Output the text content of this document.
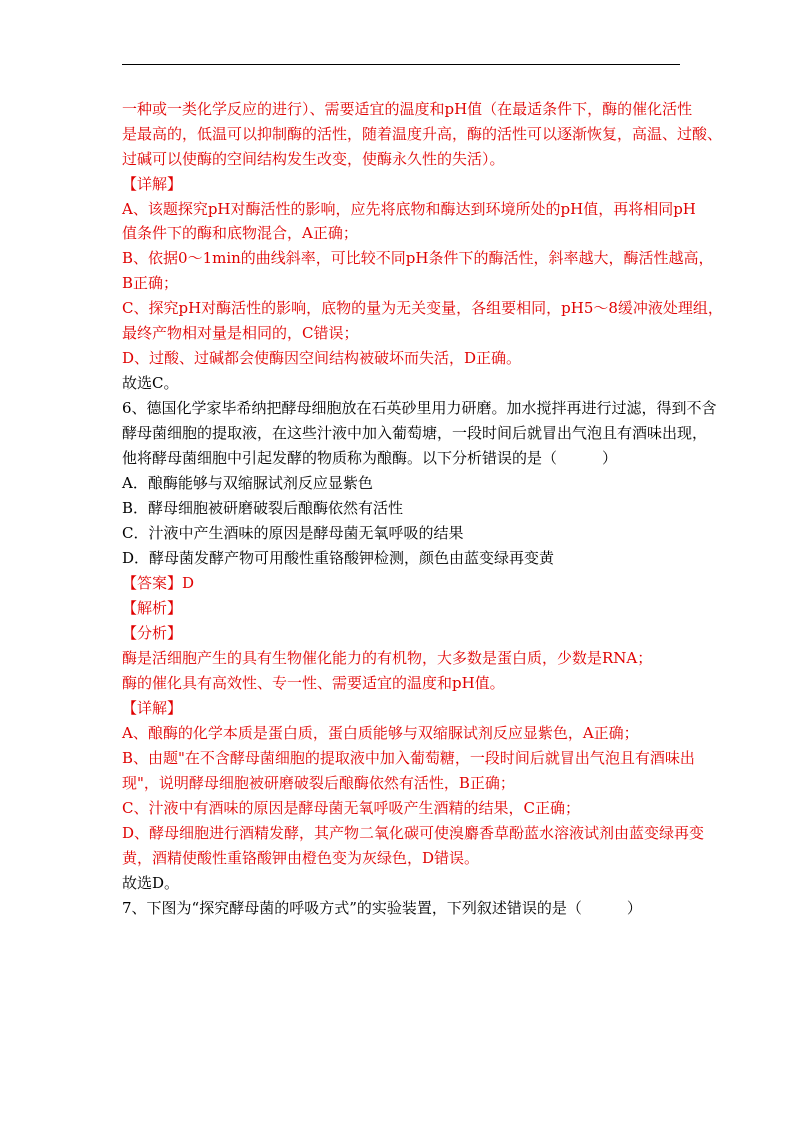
一种或一类化学反应的进行）、需要适宜的温度和pH值（在最适条件下，酶的催化活性
是最高的，低温可以抑制酶的活性，随着温度升高，酶的活性可以逐渐恢复，高温、过酸、
过碱可以使酶的空间结构发生改变，使酶永久性的失活）。
【详解】
A、该题探究pH对酶活性的影响，应先将底物和酶达到环境所处的pH值，再将相同pH
值条件下的酶和底物混合，A正确；
B、依据0～1min的曲线斜率，可比较不同pH条件下的酶活性，斜率越大，酶活性越高，
B正确；
C、探究pH对酶活性的影响，底物的量为无关变量，各组要相同，pH5～8缓冲液处理组，
最终产物相对量是相同的，C错误；
D、过酸、过碱都会使酶因空间结构被破坏而失活，D正确。
故选C。
6、德国化学家毕希纳把酵母细胞放在石英砂里用力研磨。加水搅拌再进行过滤，得到不含
酵母菌细胞的提取液，在这些汁液中加入葡萄塘，一段时间后就冒出气泡且有酒味出现，
他将酵母菌细胞中引起发酵的物质称为酿酶。以下分析错误的是（　　　）
A．酿酶能够与双缩脲试剂反应显紫色
B．酵母细胞被研磨破裂后酿酶依然有活性
C．汁液中产生酒味的原因是酵母菌无氧呼吸的结果
D．酵母菌发酵产物可用酸性重铬酸钾检测，颜色由蓝变绿再变黄
【答案】D
【解析】
【分析】
酶是活细胞产生的具有生物催化能力的有机物，大多数是蛋白质，少数是RNA；
酶的催化具有高效性、专一性、需要适宜的温度和pH值。
【详解】
A、酿酶的化学本质是蛋白质，蛋白质能够与双缩脲试剂反应显紫色，A正确；
B、由题"在不含酵母菌细胞的提取液中加入葡萄糖，一段时间后就冒出气泡且有酒味出
现"，说明酵母细胞被研磨破裂后酿酶依然有活性，B正确；
C、汁液中有酒味的原因是酵母菌无氧呼吸产生酒精的结果，C正确；
D、酵母细胞进行酒精发酵，其产物二氧化碳可使溴麝香草酚蓝水溶液试剂由蓝变绿再变
黄，酒精使酸性重铬酸钾由橙色变为灰绿色，D错误。
故选D。
7、下图为“探究酵母菌的呼吸方式”的实验装置，下列叙述错误的是（　　　）
